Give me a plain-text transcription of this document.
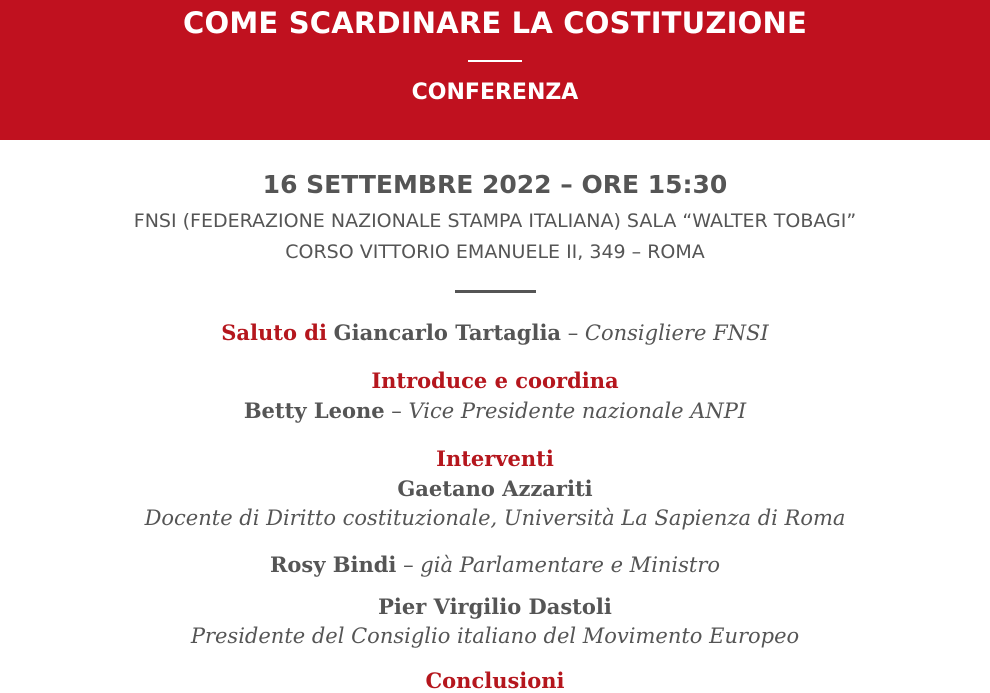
COME SCARDINARE LA COSTITUZIONE
CONFERENZA
16 SETTEMBRE 2022 – ORE 15:30
FNSI (FEDERAZIONE NAZIONALE STAMPA ITALIANA) SALA “WALTER TOBAGI”
CORSO VITTORIO EMANUELE II, 349 – ROMA
Saluto di Giancarlo Tartaglia – Consigliere FNSI
Introduce e coordina
Betty Leone – Vice Presidente nazionale ANPI
Interventi
Gaetano Azzariti
Docente di Diritto costituzionale, Università La Sapienza di Roma
Rosy Bindi – già Parlamentare e Ministro
Pier Virgilio Dastoli
Presidente del Consiglio italiano del Movimento Europeo
Conclusioni
